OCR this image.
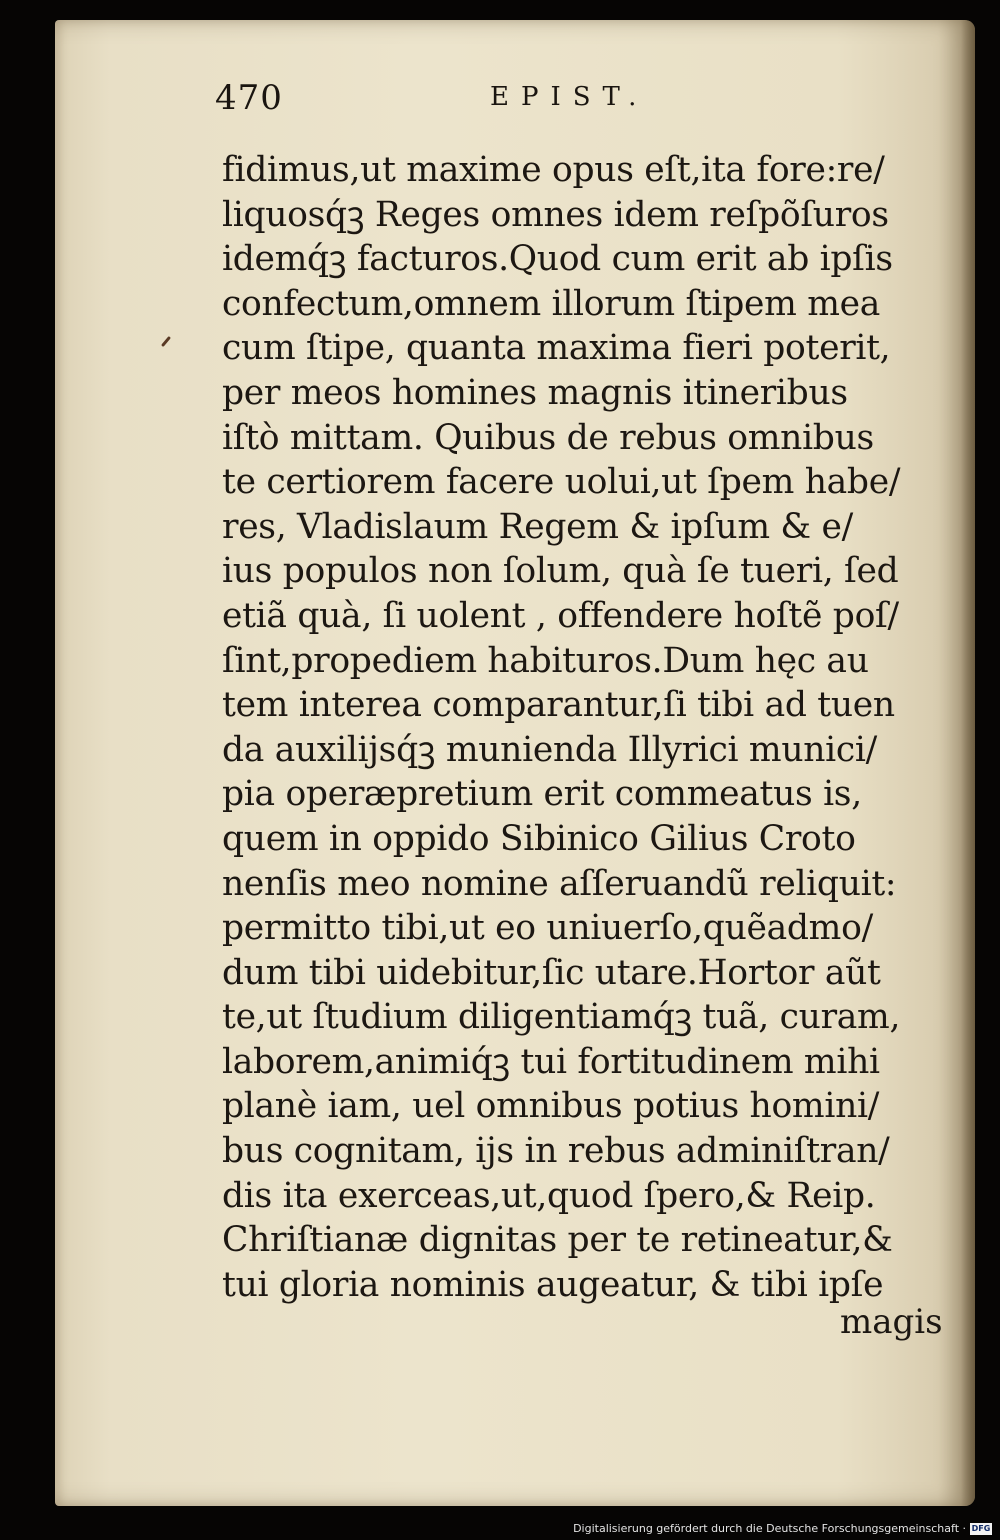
470	EPIST.
fidimus,ut maxime opus eſt,ita fore:re/
liquosq́ꝫ Reges omnes idem reſpõſuros
idemq́ꝫ facturos.Quod cum erit ab ipſis
confectum,omnem illorum ſtipem mea
cum ſtipe, quanta maxima fieri poterit,
per meos homines magnis itineribus
iſtò mittam. Quibus de rebus omnibus
te certiorem facere uolui,ut ſpem habe/
res, Vladislaum Regem & ipſum & e/
ius populos non ſolum, quà ſe tueri, ſed
etiã quà, ſi uolent , offendere hoſtẽ poſ/
ſint,propediem habituros.Dum hęc au
tem interea comparantur,ſi tibi ad tuen
da auxilijsq́ꝫ munienda Illyrici munici/
pia operæpretium erit commeatus is,
quem in oppido Sibinico Gilius Croto
nenſis meo nomine aſſeruandũ reliquit:
permitto tibi,ut eo uniuerſo,quẽadmo/
dum tibi uidebitur,ſic utare.Hortor aũt
te,ut ſtudium diligentiamq́ꝫ tuã, curam,
laborem,animiq́ꝫ tui fortitudinem mihi
planè iam, uel omnibus potius homini/
bus cognitam, ijs in rebus adminiſtran/
dis ita exerceas,ut,quod ſpero,& Reip.
Chriſtianæ dignitas per te retineatur,&
tui gloria nominis augeatur, & tibi ipſe
magis
Digitalisierung gefördert durch die Deutsche Forschungsgemeinschaft · DFG
